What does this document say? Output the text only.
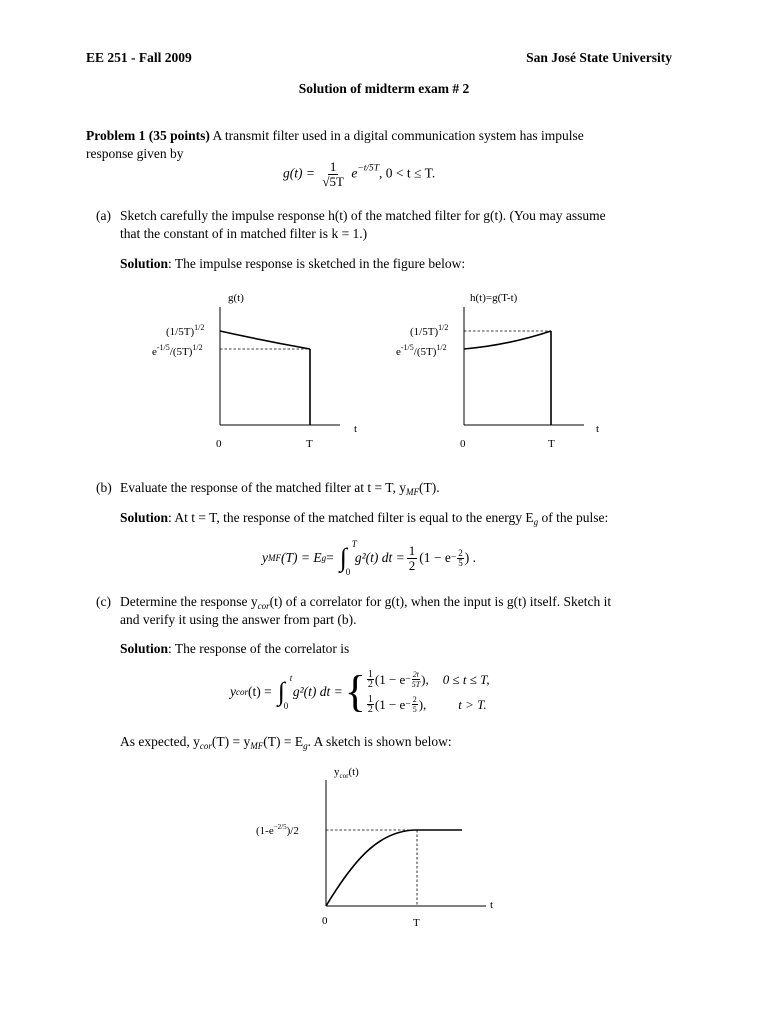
EE 251 - Fall 2009	San José State University
Solution of midterm exam # 2
Problem 1 (35 points) A transmit filter used in a digital communication system has impulse
response given by
$g(t) = \frac{1}{√5T} e^{-t/5T}$, 0 < t ≤ T.
(a) Sketch carefully the impulse response h(t) of the matched filter for g(t). (You may assume
that the constant of in matched filter is k = 1.)
Solution: The impulse response is sketched in the figure below:
g(t)
$(1/5T)^{1/2}$
$e^{-1/5}/(5T)^{1/2}$
t
0	T
h(t)=g(T-t)
$(1/5T)^{1/2}$
$e^{-1/5}/(5T)^{1/2}$
t
0	T
(b) Evaluate the response of the matched filter at t = T, $y_{MF}(T)$.
Solution: At t = T, the response of the matched filter is equal to the energy $E_g$ of the pulse:
y MF (T) = E g = ∫ T
0
g²(t) dt = $\frac{1}{2} (1 - e - \frac{2}{5}$ ) .
(c) Determine the response $y_{cor}(t)$ of a correlator for g(t), when the input is g(t) itself. Sketch it
and verify it using the answer from part (b).
Solution: The response of the correlator is
y cor (t) = ∫ t
0
g²(t) dt = { $\frac{1}{2} (1 - e - \frac{2t}{5T}$ ), 0 ≤ t ≤ T,
$\frac{1}{2} (1 - e - \frac{2}{5}$ ), t > T.
As expected, $y_{cor}(T) = y_{MF}(T) = E_g$. A sketch is shown below:
$y_{cor}(t)$
$(1-e^{-2/5})/2$
t
0	T
